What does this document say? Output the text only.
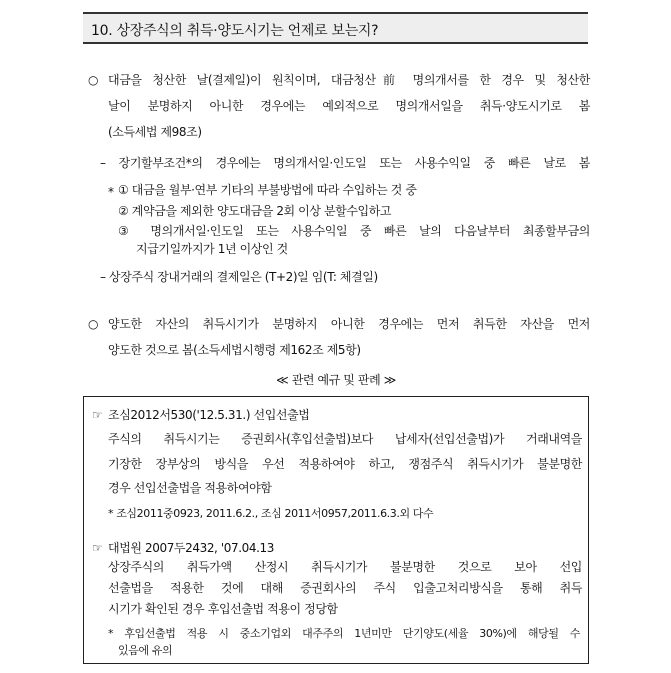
10. 상장주식의 취득·양도시기는 언제로 보는지?
○ 대금을 청산한 날(결제일)이 원칙이며, 대금청산前 명의개서를 한 경우 및 청산한
날이 분명하지 아니한 경우에는 예외적으로 명의개서일을 취득·양도시기로 봄
(소득세법 제98조)
– 장기할부조건*의 경우에는 명의개서일·인도일 또는 사용수익일 중 빠른 날로 봄
* ① 대금을 월부·연부 기타의 부불방법에 따라 수입하는 것 중
② 계약금을 제외한 양도대금을 2회 이상 분할수입하고
③ 명의개서일·인도일 또는 사용수익일 중 빠른 날의 다음날부터 최종할부금의
지급기일까지가 1년 이상인 것
– 상장주식 장내거래의 결제일은 (T+2)일 임(T: 체결일)
○ 양도한 자산의 취득시기가 분명하지 아니한 경우에는 먼저 취득한 자산을 먼저
양도한 것으로 봄(소득세법시행령 제162조 제5항)
≪ 관련 예규 및 판례 ≫
☞ 조심2012서530('12.5.31.) 선입선출법
주식의 취득시기는 증권회사(후입선출법)보다 납세자(선입선출법)가 거래내역을
기장한 장부상의 방식을 우선 적용하여야 하고, 쟁점주식 취득시기가 불분명한
경우 선입선출법을 적용하여야함
* 조심2011중0923, 2011.6.2., 조심 2011서0957,2011.6.3.외 다수
☞ 대법원 2007두2432, '07.04.13
상장주식의 취득가액 산정시 취득시기가 불분명한 것으로 보아 선입
선출법을 적용한 것에 대해 증권회사의 주식 입출고처리방식을 통해 취득
시기가 확인된 경우 후입선출법 적용이 정당함
* 후입선출법 적용 시 중소기업외 대주주의 1년미만 단기양도(세율 30%)에 해당될 수
있음에 유의
